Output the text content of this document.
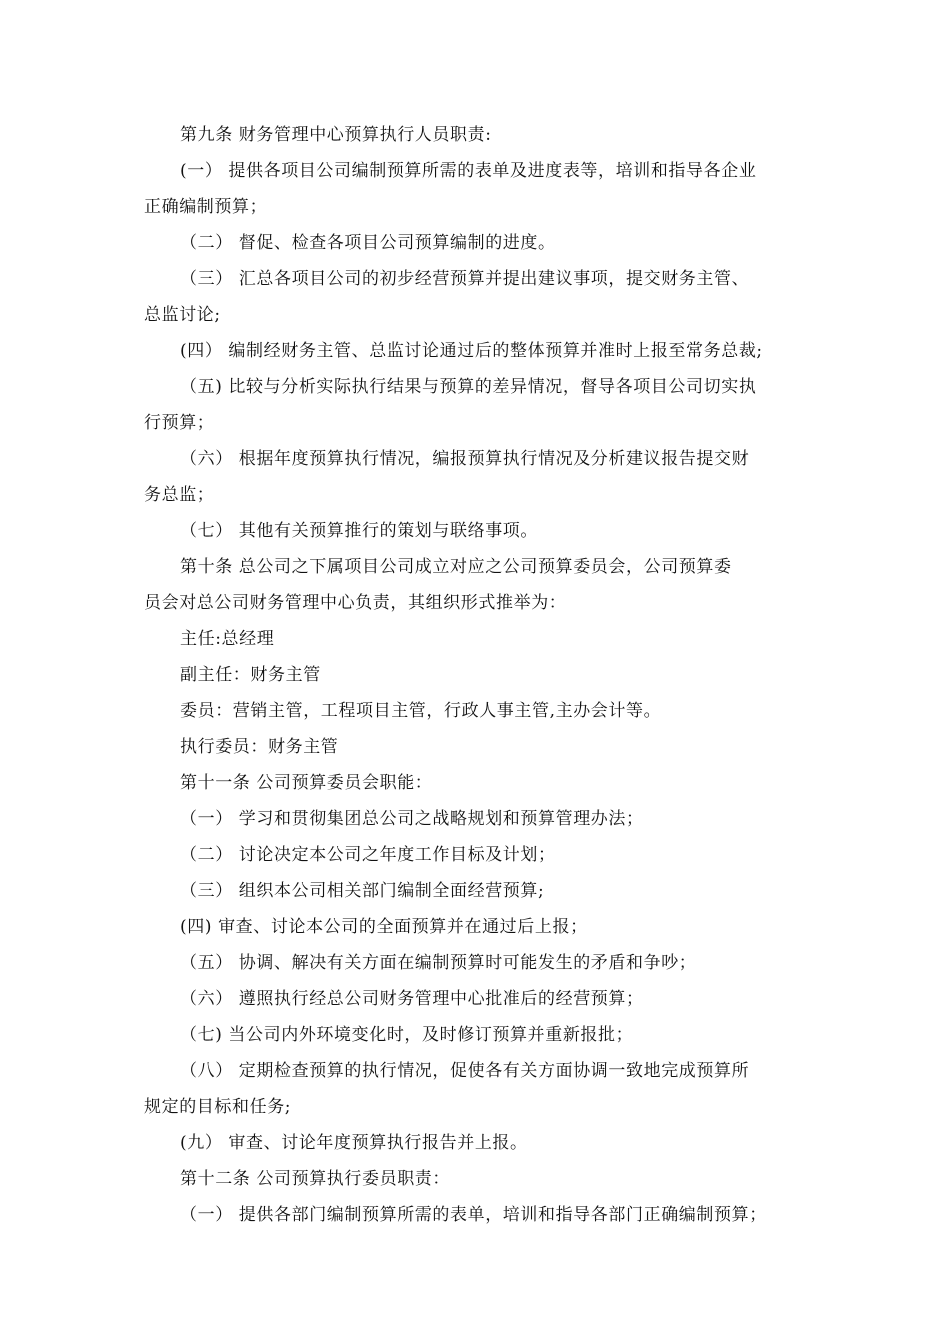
第九条 财务管理中心预算执行人员职责:
(一） 提供各项目公司编制预算所需的表单及进度表等，培训和指导各企业
正确编制预算；
（二） 督促、检查各项目公司预算编制的进度。
（三） 汇总各项目公司的初步经营预算并提出建议事项，提交财务主管、
总监讨论;
(四） 编制经财务主管、总监讨论通过后的整体预算并准时上报至常务总裁;
（五) 比较与分析实际执行结果与预算的差异情况，督导各项目公司切实执
行预算；
（六） 根据年度预算执行情况，编报预算执行情况及分析建议报告提交财
务总监；
（七） 其他有关预算推行的策划与联络事项。
第十条 总公司之下属项目公司成立对应之公司预算委员会，公司预算委
员会对总公司财务管理中心负责，其组织形式推举为：
主任:总经理
副主任：财务主管
委员：营销主管，工程项目主管，行政人事主管,主办会计等。
执行委员：财务主管
第十一条 公司预算委员会职能：
（一） 学习和贯彻集团总公司之战略规划和预算管理办法；
（二） 讨论决定本公司之年度工作目标及计划；
（三） 组织本公司相关部门编制全面经营预算;
(四) 审查、讨论本公司的全面预算并在通过后上报；
（五） 协调、解决有关方面在编制预算时可能发生的矛盾和争吵；
（六） 遵照执行经总公司财务管理中心批准后的经营预算；
（七) 当公司内外环境变化时，及时修订预算并重新报批；
（八） 定期检查预算的执行情况，促使各有关方面协调一致地完成预算所
规定的目标和任务;
(九） 审查、讨论年度预算执行报告并上报。
第十二条 公司预算执行委员职责：
（一） 提供各部门编制预算所需的表单，培训和指导各部门正确编制预算；
